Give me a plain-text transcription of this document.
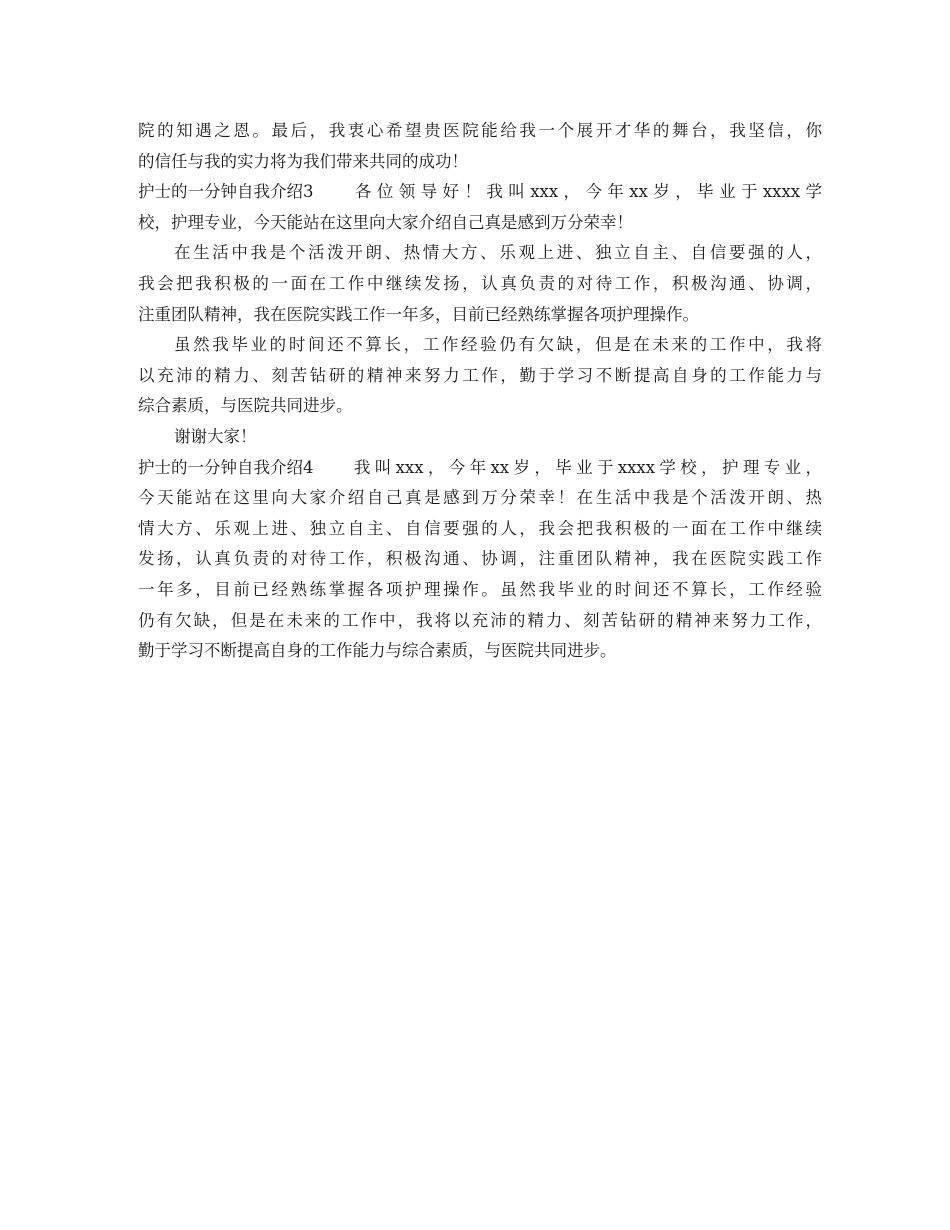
院的知遇之恩。最后，我衷心希望贵医院能给我一个展开才华的舞台，我坚信，你
的信任与我的实力将为我们带来共同的成功！
护士的一分钟自我介绍3 各位领导好！我叫xxx，今年xx岁，毕业于xxxx学
校，护理专业，今天能站在这里向大家介绍自己真是感到万分荣幸！
在生活中我是个活泼开朗、热情大方、乐观上进、独立自主、自信要强的人，
我会把我积极的一面在工作中继续发扬，认真负责的对待工作，积极沟通、协调，
注重团队精神，我在医院实践工作一年多，目前已经熟练掌握各项护理操作。
虽然我毕业的时间还不算长，工作经验仍有欠缺，但是在未来的工作中，我将
以充沛的精力、刻苦钻研的精神来努力工作，勤于学习不断提高自身的工作能力与
综合素质，与医院共同进步。
谢谢大家！
护士的一分钟自我介绍4 我叫xxx，今年xx岁，毕业于xxxx学校，护理专业，
今天能站在这里向大家介绍自己真是感到万分荣幸！在生活中我是个活泼开朗、热
情大方、乐观上进、独立自主、自信要强的人，我会把我积极的一面在工作中继续
发扬，认真负责的对待工作，积极沟通、协调，注重团队精神，我在医院实践工作
一年多，目前已经熟练掌握各项护理操作。虽然我毕业的时间还不算长，工作经验
仍有欠缺，但是在未来的工作中，我将以充沛的精力、刻苦钻研的精神来努力工作，
勤于学习不断提高自身的工作能力与综合素质，与医院共同进步。
